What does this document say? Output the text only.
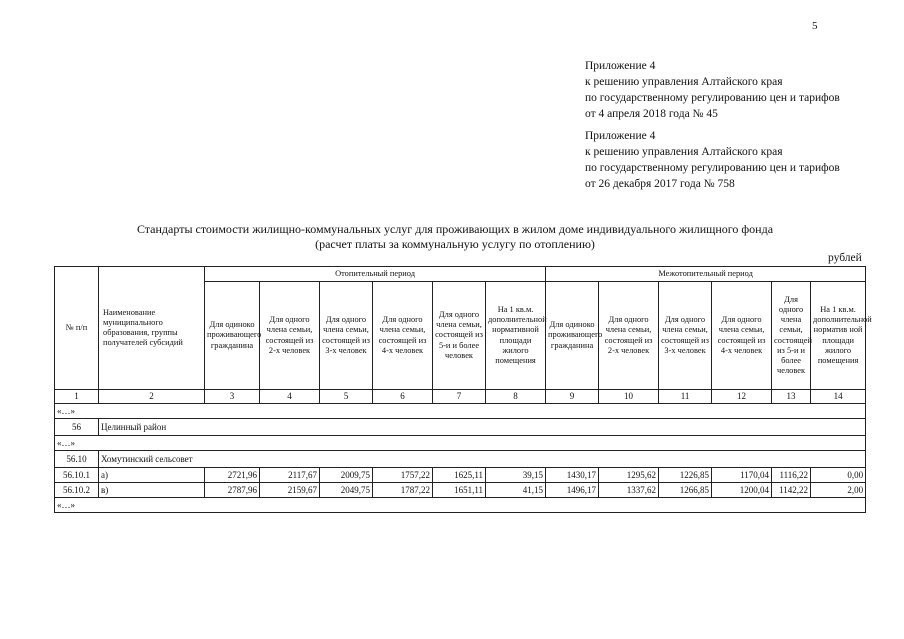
5
Приложение 4
к решению управления Алтайского края
по государственному регулированию цен и тарифов
от 4 апреля 2018 года № 45
Приложение 4
к решению управления Алтайского края
по государственному регулированию цен и тарифов
от 26 декабря 2017 года № 758
Стандарты стоимости жилищно-коммунальных услуг для проживающих в жилом доме индивидуального жилищного фонда
(расчет платы за коммунальную услугу по отоплению)
рублей
№ п/п	Наименование муниципального образования, группы получателей субсидий	Отопительный период						Межотопительный период					
		Для одиноко проживающего гражданина	Для одного члена семьи, состоящей из 2-х человек	Для одного члена семьи, состоящей из 3-х человек	Для одного члена семьи, состоящей из 4-х человек	Для одного члена семьи, состоящей из 5-и и более человек	На 1 кв.м. дополнительной нормативной площади жилого помещения	Для одиноко проживающего гражданина	Для одного члена семьи, состоящей из 2-х человек	Для одного члена семьи, состоящей из 3-х человек	Для одного члена семьи, состоящей из 4-х человек	Для одного члена семьи, состоящей из 5-и и более человек	На 1 кв.м. дополнительной норматив ной площади жилого помещения
1	2	3	4	5	6	7	8	9	10	11	12	13	14
«…»													
56	Целинный район												
«…»													
56.10	Хомутинский сельсовет												
56.10.1	а)	2721,96	2117,67	2009,75	1757,22	1625,11	39,15	1430,17	1295,62	1226,85	1170,04	1116,22	0,00
56.10.2	в)	2787,96	2159,67	2049,75	1787,22	1651,11	41,15	1496,17	1337,62	1266,85	1200,04	1142,22	2,00
«…»													
